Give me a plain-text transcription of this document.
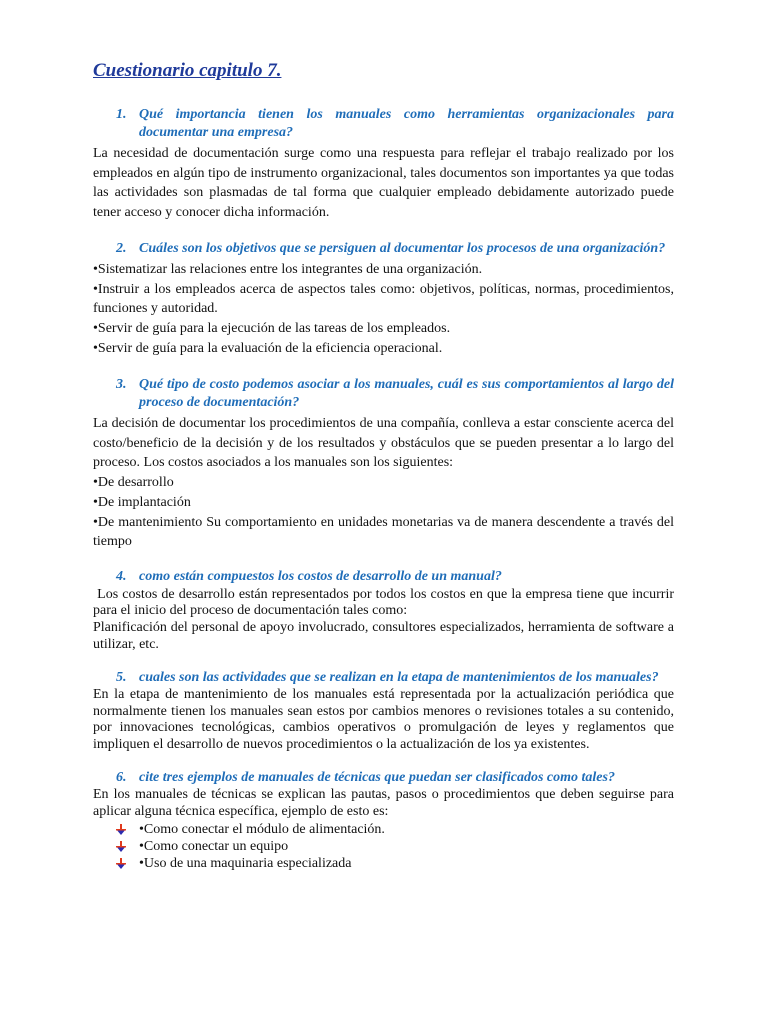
Cuestionario capitulo 7.

1. Qué importancia tienen los manuales como herramientas organizacionales para documentar una empresa?

La necesidad de documentación surge como una respuesta para reflejar el trabajo realizado por los empleados en algún tipo de instrumento organizacional, tales documentos son importantes ya que todas las actividades son plasmadas de tal forma que cualquier empleado debidamente autorizado puede tener acceso y conocer dicha información.

2. Cuáles son los objetivos que se persiguen al documentar los procesos de una organización?

•Sistematizar las relaciones entre los integrantes de una organización.

•Instruir a los empleados acerca de aspectos tales como: objetivos, políticas, normas, procedimientos, funciones y autoridad.

•Servir de guía para la ejecución de las tareas de los empleados.

•Servir de guía para la evaluación de la eficiencia operacional.

3. Qué tipo de costo podemos asociar a los manuales, cuál es sus comportamientos al largo del proceso de documentación?

La decisión de documentar los procedimientos de una compañía, conlleva a estar consciente acerca del costo/beneficio de la decisión y de los resultados y obstáculos que se pueden presentar a lo largo del proceso. Los costos asociados a los manuales son los siguientes:

•De desarrollo

•De implantación

•De mantenimiento Su comportamiento en unidades monetarias va de manera descendente a través del tiempo

4. como están compuestos los costos de desarrollo de un manual?

Los costos de desarrollo están representados por todos los costos en que la empresa tiene que incurrir para el inicio del proceso de documentación tales como:

Planificación del personal de apoyo involucrado, consultores especializados, herramienta de software a utilizar, etc.

5. cuales son las actividades que se realizan en la etapa de mantenimientos de los manuales?

En la etapa de mantenimiento de los manuales está representada por la actualización periódica que normalmente tienen los manuales sean estos por cambios menores o revisiones totales a su contenido, por innovaciones tecnológicas, cambios operativos o promulgación de leyes y reglamentos que impliquen el desarrollo de nuevos procedimientos o la actualización de los ya existentes.

6. cite tres ejemplos de manuales de técnicas que puedan ser clasificados como tales?

En los manuales de técnicas se explican las pautas, pasos o procedimientos que deben seguirse para aplicar alguna técnica específica, ejemplo de esto es:

•Como conectar el módulo de alimentación.
•Como conectar un equipo
•Uso de una maquinaria especializada
